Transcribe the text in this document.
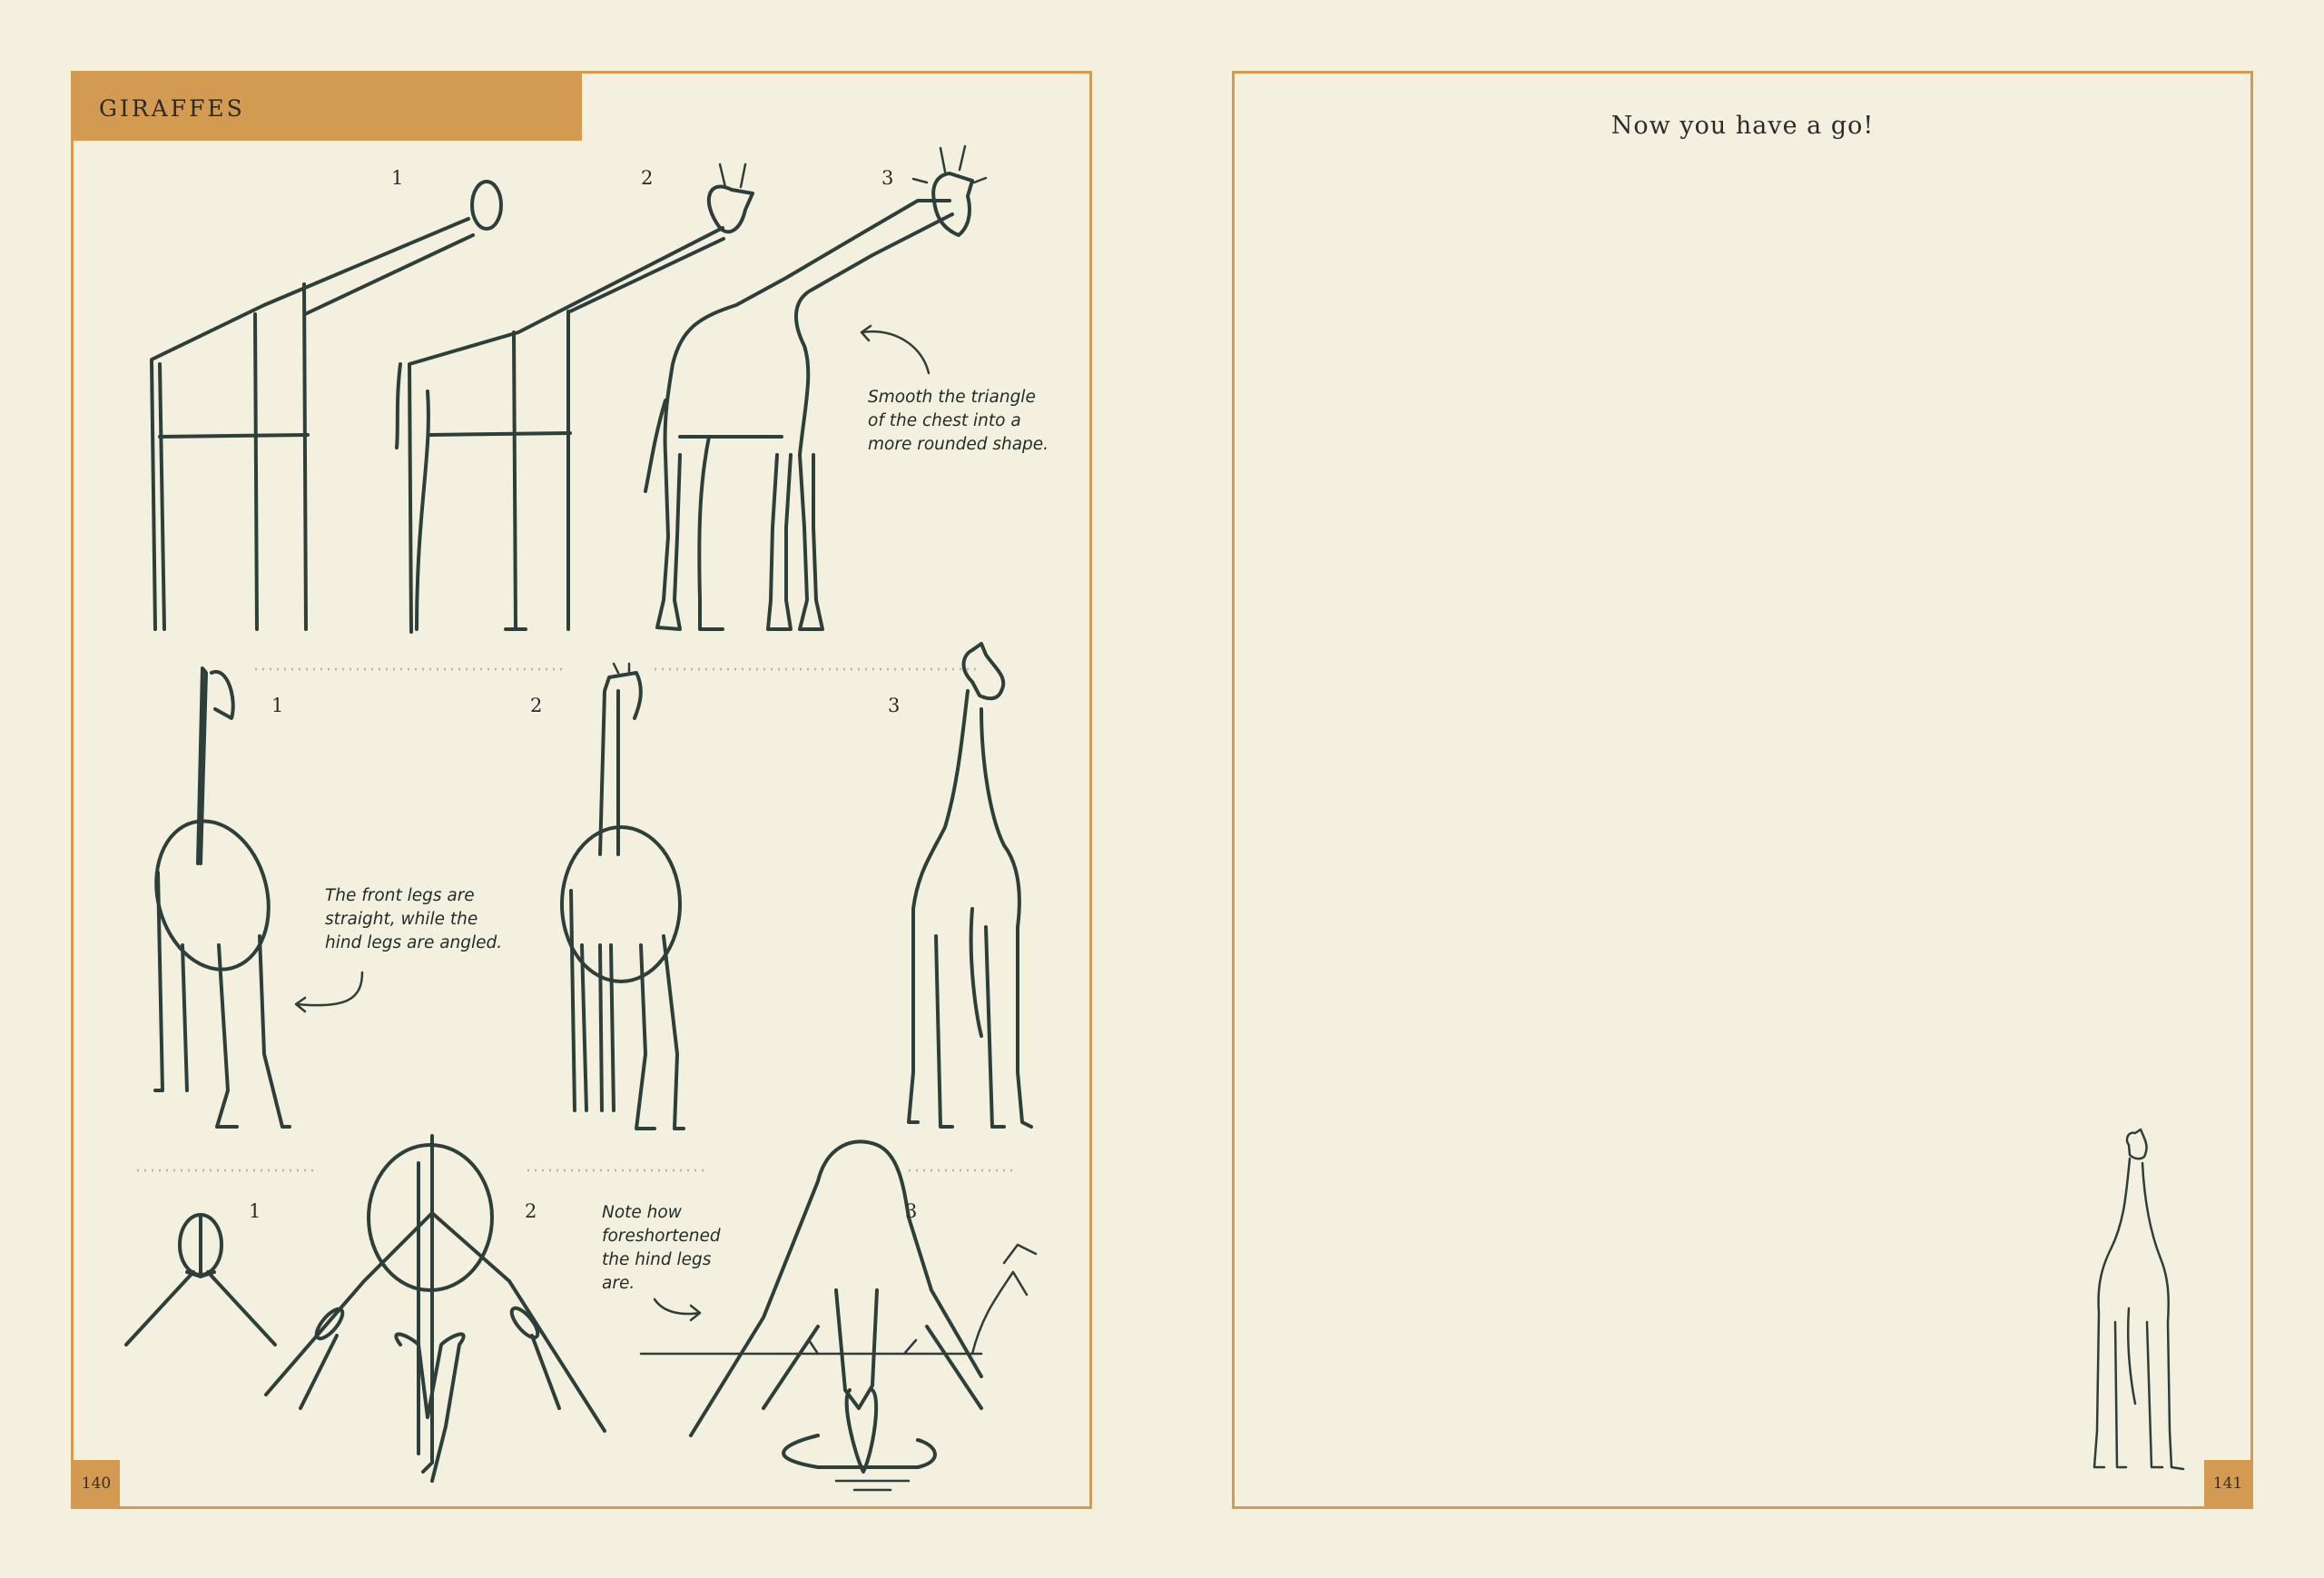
GIRAFFES
1	2	3
Smooth the triangle
of the chest into a
more rounded shape.
1	2	3
The front legs are
straight, while the
hind legs are angled.
1	2	3
Note how
foreshortened
the hind legs
are.
140
Now you have a go!
141
